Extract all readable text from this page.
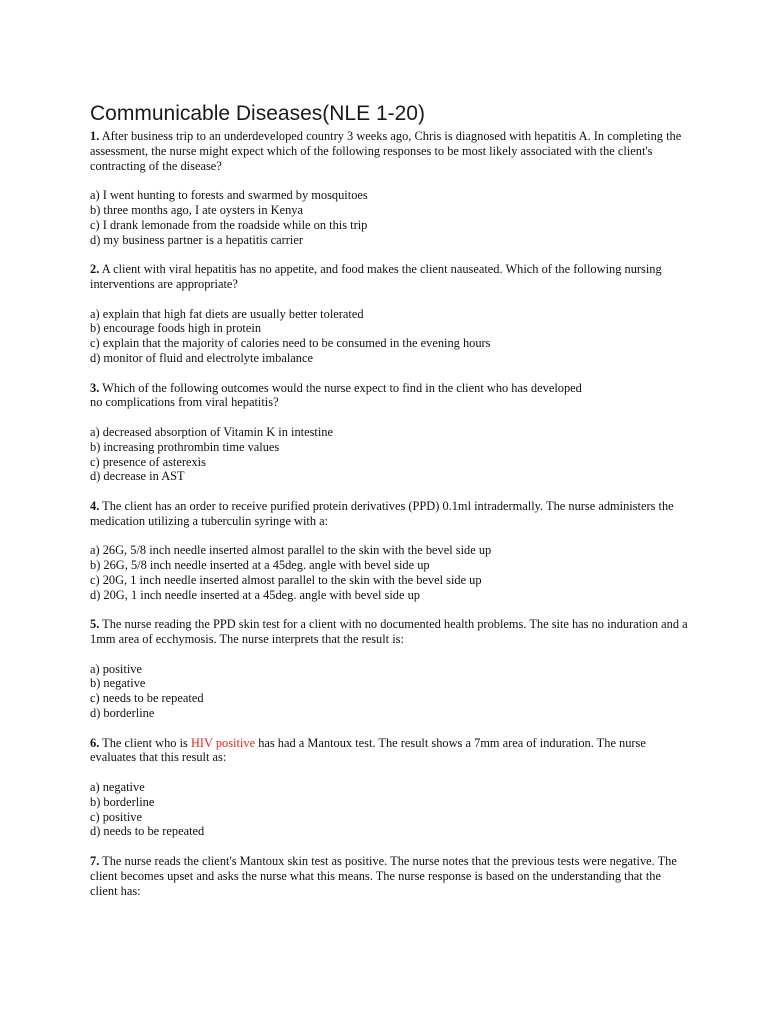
Communicable Diseases(NLE 1-20)

1. After business trip to an underdeveloped country 3 weeks ago, Chris is diagnosed with hepatitis A. In completing the assessment, the nurse might expect which of the following responses to be most likely associated with the client's contracting of the disease?

a) I went hunting to forests and swarmed by mosquitoes
b) three months ago, I ate oysters in Kenya
c) I drank lemonade from the roadside while on this trip
d) my business partner is a hepatitis carrier

2. A client with viral hepatitis has no appetite, and food makes the client nauseated. Which of the following nursing interventions are appropriate?

a) explain that high fat diets are usually better tolerated
b) encourage foods high in protein
c) explain that the majority of calories need to be consumed in the evening hours
d) monitor of fluid and electrolyte imbalance

3. Which of the following outcomes would the nurse expect to find in the client who has developed
no complications from viral hepatitis?

a) decreased absorption of Vitamin K in intestine
b) increasing prothrombin time values
c) presence of asterexis
d) decrease in AST

4. The client has an order to receive purified protein derivatives (PPD) 0.1ml intradermally. The nurse administers the medication utilizing a tuberculin syringe with a:

a) 26G, 5/8 inch needle inserted almost parallel to the skin with the bevel side up
b) 26G, 5/8 inch needle inserted at a 45deg. angle with bevel side up
c) 20G, 1 inch needle inserted almost parallel to the skin with the bevel side up
d) 20G, 1 inch needle inserted at a 45deg. angle with bevel side up

5. The nurse reading the PPD skin test for a client with no documented health problems. The site has no induration and a 1mm area of ecchymosis. The nurse interprets that the result is:

a) positive
b) negative
c) needs to be repeated
d) borderline

6. The client who is HIV positive has had a Mantoux test. The result shows a 7mm area of induration. The nurse evaluates that this result as:

a) negative
b) borderline
c) positive
d) needs to be repeated

7. The nurse reads the client's Mantoux skin test as positive. The nurse notes that the previous tests were negative. The client becomes upset and asks the nurse what this means. The nurse response is based on the understanding that the client has:
